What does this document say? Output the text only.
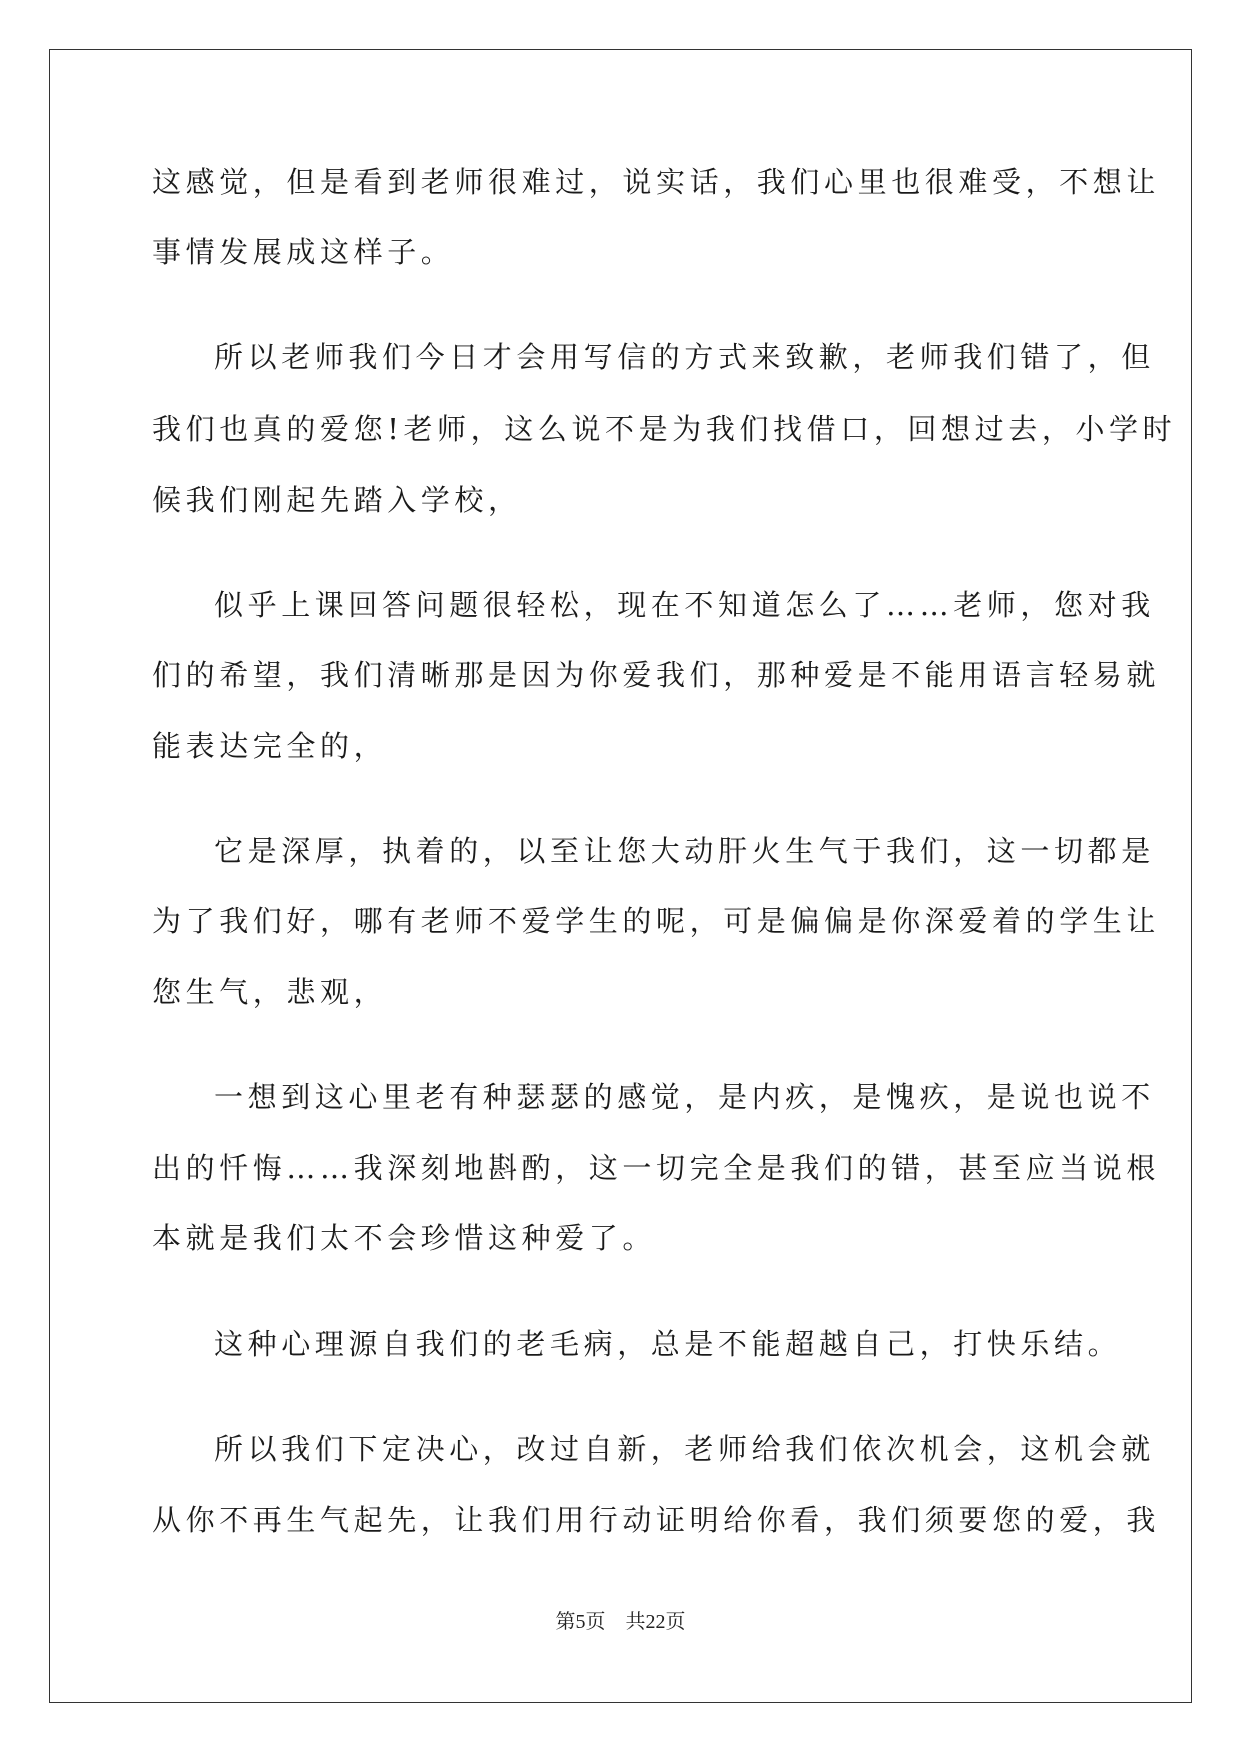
这感觉，但是看到老师很难过，说实话，我们心里也很难受，不想让
事情发展成这样子。
所以老师我们今日才会用写信的方式来致歉，老师我们错了，但
我们也真的爱您!老师，这么说不是为我们找借口，回想过去，小学时
候我们刚起先踏入学校，
似乎上课回答问题很轻松，现在不知道怎么了……老师，您对我
们的希望，我们清晰那是因为你爱我们，那种爱是不能用语言轻易就
能表达完全的，
它是深厚，执着的，以至让您大动肝火生气于我们，这一切都是
为了我们好，哪有老师不爱学生的呢，可是偏偏是你深爱着的学生让
您生气，悲观，
一想到这心里老有种瑟瑟的感觉，是内疚，是愧疚，是说也说不
出的忏悔……我深刻地斟酌，这一切完全是我们的错，甚至应当说根
本就是我们太不会珍惜这种爱了。
这种心理源自我们的老毛病，总是不能超越自己，打快乐结。
所以我们下定决心，改过自新，老师给我们依次机会，这机会就
从你不再生气起先，让我们用行动证明给你看，我们须要您的爱，我
第5页 共22页
